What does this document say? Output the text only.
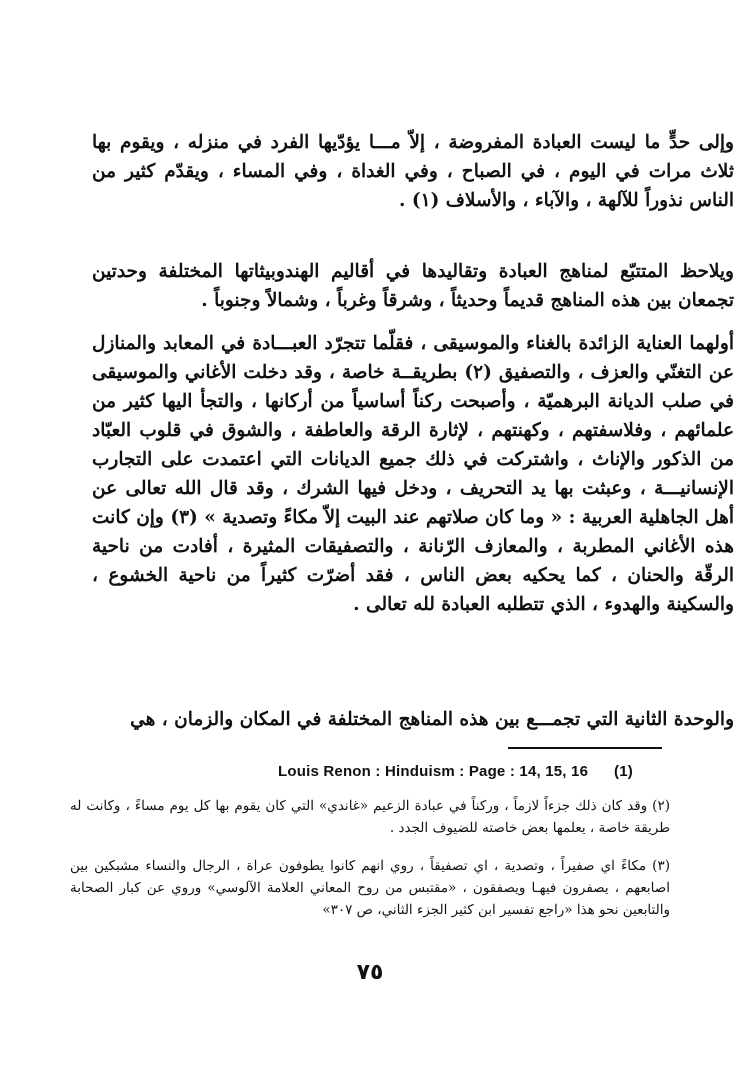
وإلى حدٍّ ما ليست العبادة المفروضة ، إلاّ مـــا يؤدّيها الفرد في منزله ، ويقوم بها ثلاث مرات في اليوم ، في الصباح ، وفي الغداة ، وفي المساء ، ويقدّم كثير من الناس نذوراً للآلهة ، والآباء ، والأسلاف (١) .

ويلاحظ المتتبّع لمناهج العبادة وتقاليدها في أقاليم الهندوبيثاتها المختلفة وحدتين تجمعان بين هذه المناهج قديماً وحديثاً ، وشرقاً وغرباً ، وشمالاً وجنوباً .

أولهما العناية الزائدة بالغناء والموسيقى ، فقلّما تتجرّد العبـــادة في المعابد والمنازل عن التغنّي والعزف ، والتصفيق (٢) بطريقــة خاصة ، وقد دخلت الأغاني والموسيقى في صلب الديانة البرهميّة ، وأصبحت ركناً أساسياً من أركانها ، والتجأ اليها كثير من علمائهم ، وفلاسفتهم ، وكهنتهم ، لإثارة الرقة والعاطفة ، والشوق في قلوب العبّاد من الذكور والإناث ، واشتركت في ذلك جميع الديانات التي اعتمدت على التجارب الإنسانيـــة ، وعبثت بها يد التحريف ، ودخل فيها الشرك ، وقد قال الله تعالى عن أهل الجاهلية العربية : « وما كان صلاتهم عند البيت إلاّ مكاءً وتصدية » (٣) وإن كانت هذه الأغاني المطربة ، والمعازف الرّنانة ، والتصفيقات المثيرة ، أفادت من ناحية الرقّة والحنان ، كما يحكيه بعض الناس ، فقد أضرّت كثيراً من ناحية الخشوع ، والسكينة والهدوء ، الذي تتطلبه العبادة لله تعالى .

والوحدة الثانية التي تجمـــع بين هذه المناهج المختلفة في المكان والزمان ، هي

Louis Renon : Hinduism : Page : 14, 15, 16 (1)

(٢) وقد كان ذلك جزءاً لازماً ، وركناً في عبادة الزعيم «غاندي» التي كان يقوم بها كل يوم مساءً ، وكانت له طريقة خاصة ، يعلمها بعض خاصته للضيوف الجدد .

(٣) مكاءً اي صفيراً ، وتصدية ، اي تصفيقاً ، روي انهم كانوا يطوفون عراة ، الرجال والنساء مشبكين بين اصابعهم ، يصفرون فيهـا ويصفقون ، «مقتبس من روح المعاني العلامة الآلوسي» وروي عن كبار الصحابة والتابعين نحو هذا «راجع تفسير ابن كثير الجزء الثاني، ص ٣٠٧»

٧٥
